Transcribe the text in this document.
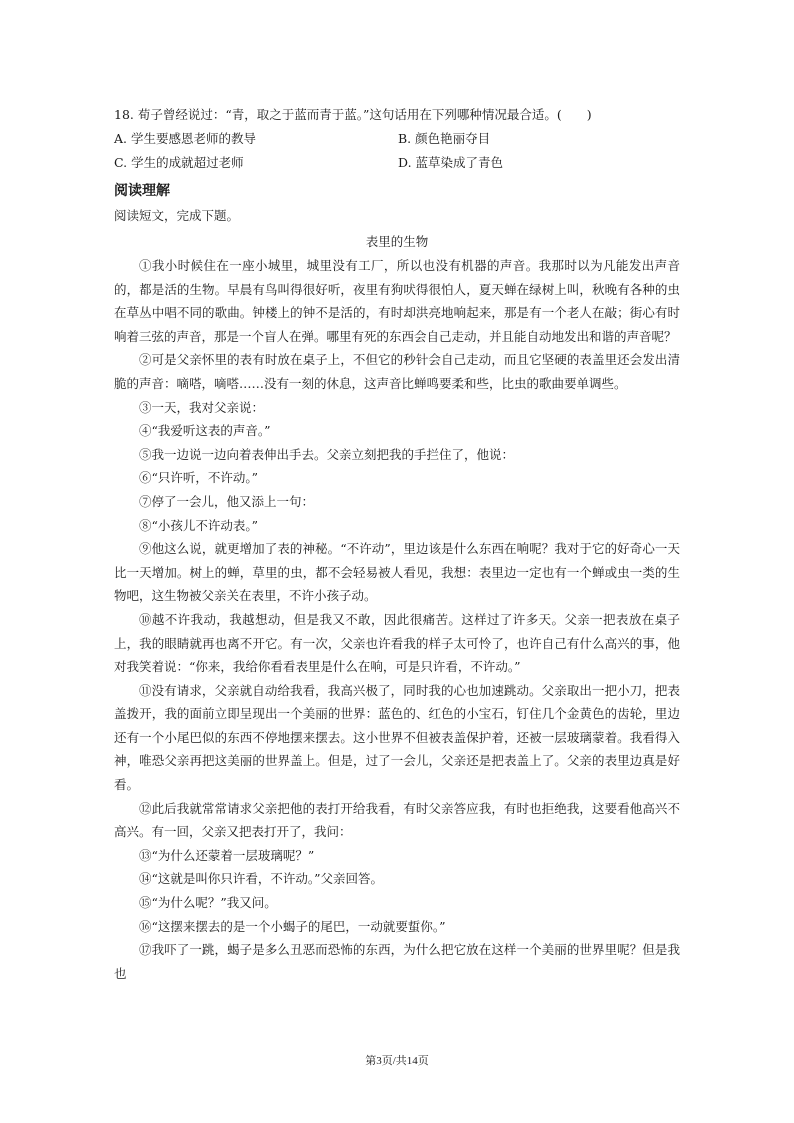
18. 荀子曾经说过：“青，取之于蓝而青于蓝。”这句话用在下列哪种情况最合适。(　　)
A. 学生要感恩老师的教导	B. 颜色艳丽夺目
C. 学生的成就超过老师	D. 蓝草染成了青色
阅读理解
阅读短文，完成下题。
表里的生物

①我小时候住在一座小城里，城里没有工厂，所以也没有机器的声音。我那时以为凡能发出声音的，都是活的生物。早晨有鸟叫得很好听，夜里有狗吠得很怕人，夏天蝉在绿树上叫，秋晚有各种的虫在草丛中唱不同的歌曲。钟楼上的钟不是活的，有时却洪亮地响起来，那是有一个老人在敲；街心有时响着三弦的声音，那是一个盲人在弹。哪里有死的东西会自己走动，并且能自动地发出和谐的声音呢？

②可是父亲怀里的表有时放在桌子上，不但它的秒针会自己走动，而且它坚硬的表盖里还会发出清脆的声音：嘀嗒，嘀嗒……没有一刻的休息，这声音比蝉鸣要柔和些，比虫的歌曲要单调些。

③一天，我对父亲说：

④“我爱听这表的声音。”

⑤我一边说一边向着表伸出手去。父亲立刻把我的手拦住了，他说：

⑥“只许听，不许动。”

⑦停了一会儿，他又添上一句：

⑧“小孩儿不许动表。”

⑨他这么说，就更增加了表的神秘。“不许动”，里边该是什么东西在响呢？我对于它的好奇心一天比一天增加。树上的蝉，草里的虫，都不会轻易被人看见，我想：表里边一定也有一个蝉或虫一类的生物吧，这生物被父亲关在表里，不许小孩子动。

⑩越不许我动，我越想动，但是我又不敢，因此很痛苦。这样过了许多天。父亲一把表放在桌子上，我的眼睛就再也离不开它。有一次，父亲也许看我的样子太可怜了，也许自己有什么高兴的事，他对我笑着说：“你来，我给你看看表里是什么在响，可是只许看，不许动。”

⑪没有请求，父亲就自动给我看，我高兴极了，同时我的心也加速跳动。父亲取出一把小刀，把表盖拨开，我的面前立即呈现出一个美丽的世界：蓝色的、红色的小宝石，钉住几个金黄色的齿轮，里边还有一个小尾巴似的东西不停地摆来摆去。这小世界不但被表盖保护着，还被一层玻璃蒙着。我看得入神，唯恐父亲再把这美丽的世界盖上。但是，过了一会儿，父亲还是把表盖上了。父亲的表里边真是好看。

⑫此后我就常常请求父亲把他的表打开给我看，有时父亲答应我，有时也拒绝我，这要看他高兴不高兴。有一回，父亲又把表打开了，我问：

⑬“为什么还蒙着一层玻璃呢？”

⑭“这就是叫你只许看，不许动。”父亲回答。

⑮“为什么呢？”我又问。

⑯“这摆来摆去的是一个小蝎子的尾巴，一动就要蜇你。”

⑰我吓了一跳，蝎子是多么丑恶而恐怖的东西，为什么把它放在这样一个美丽的世界里呢？但是我也

第3页/共14页
